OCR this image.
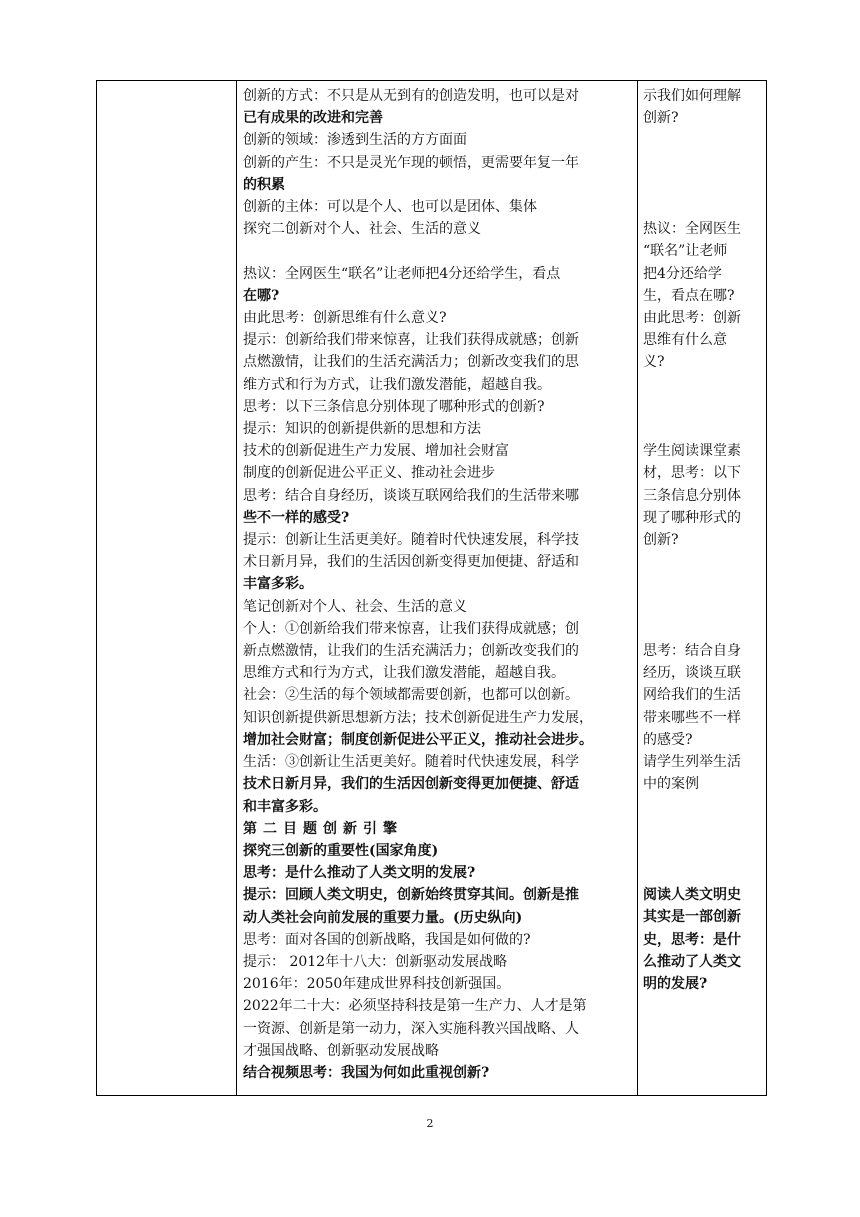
创新的方式：不只是从无到有的创造发明，也可以是对
已有成果的改进和完善
创新的领域：渗透到生活的方方面面
创新的产生：不只是灵光乍现的顿悟，更需要年复一年
的积累
创新的主体：可以是个人、也可以是团体、集体
探究二创新对个人、社会、生活的意义

热议：全网医生“联名”让老师把4分还给学生，看点
在哪?
由此思考：创新思维有什么意义?
提示：创新给我们带来惊喜，让我们获得成就感；创新
点燃激情，让我们的生活充满活力；创新改变我们的思
维方式和行为方式，让我们激发潜能，超越自我。
思考：以下三条信息分别体现了哪种形式的创新?
提示：知识的创新提供新的思想和方法
技术的创新促进生产力发展、增加社会财富
制度的创新促进公平正义、推动社会进步
思考：结合自身经历，谈谈互联网给我们的生活带来哪
些不一样的感受?
提示：创新让生活更美好。随着时代快速发展，科学技
术日新月异，我们的生活因创新变得更加便捷、舒适和
丰富多彩。
笔记创新对个人、社会、生活的意义
个人：①创新给我们带来惊喜，让我们获得成就感；创
新点燃激情，让我们的生活充满活力；创新改变我们的
思维方式和行为方式，让我们激发潜能，超越自我。
社会：②生活的每个领域都需要创新，也都可以创新。
知识创新提供新思想新方法；技术创新促进生产力发展，
增加社会财富；制度创新促进公平正义，推动社会进步。
生活：③创新让生活更美好。随着时代快速发展，科学
技术日新月异，我们的生活因创新变得更加便捷、舒适
和丰富多彩。
第二目题创新引擎
探究三创新的重要性(国家角度)
思考：是什么推动了人类文明的发展?
提示：回顾人类文明史，创新始终贯穿其间。创新是推
动人类社会向前发展的重要力量。(历史纵向)
思考：面对各国的创新战略，我国是如何做的?
提示： 2012年十八大：创新驱动发展战略
2016年：2050年建成世界科技创新强国。
2022年二十大：必须坚持科技是第一生产力、人才是第
一资源、创新是第一动力，深入实施科教兴国战略、人
才强国战略、创新驱动发展战略
结合视频思考：我国为何如此重视创新?
示我们如何理解
创新?
热议：全网医生
“联名”让老师
把4分还给学
生，看点在哪?
由此思考：创新
思维有什么意
义?
学生阅读课堂素
材，思考：以下
三条信息分别体
现了哪种形式的
创新?
思考：结合自身
经历，谈谈互联
网给我们的生活
带来哪些不一样
的感受?
请学生列举生活
中的案例
阅读人类文明史
其实是一部创新
史，思考：是什
么推动了人类文
明的发展?
2
